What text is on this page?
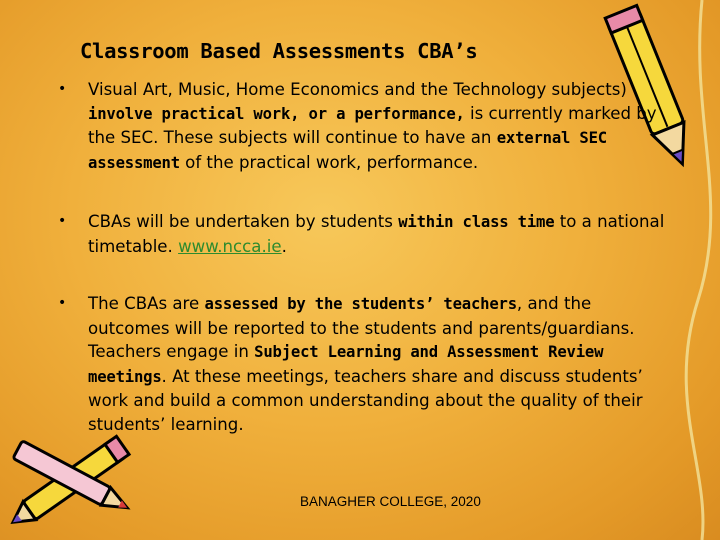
Classroom Based Assessments CBA’s
• Visual Art, Music, Home Economics and the Technology subjects) involve practical work, or a performance, is currently marked by the SEC. These subjects will continue to have an external SEC assessment of the practical work, performance.
• CBAs will be undertaken by students within class time to a national timetable. www.ncca.ie.
• The CBAs are assessed by the students’ teachers, and the outcomes will be reported to the students and parents/guardians. Teachers engage in Subject Learning and Assessment Review meetings. At these meetings, teachers share and discuss students’ work and build a common understanding about the quality of their students’ learning.
BANAGHER COLLEGE, 2020
